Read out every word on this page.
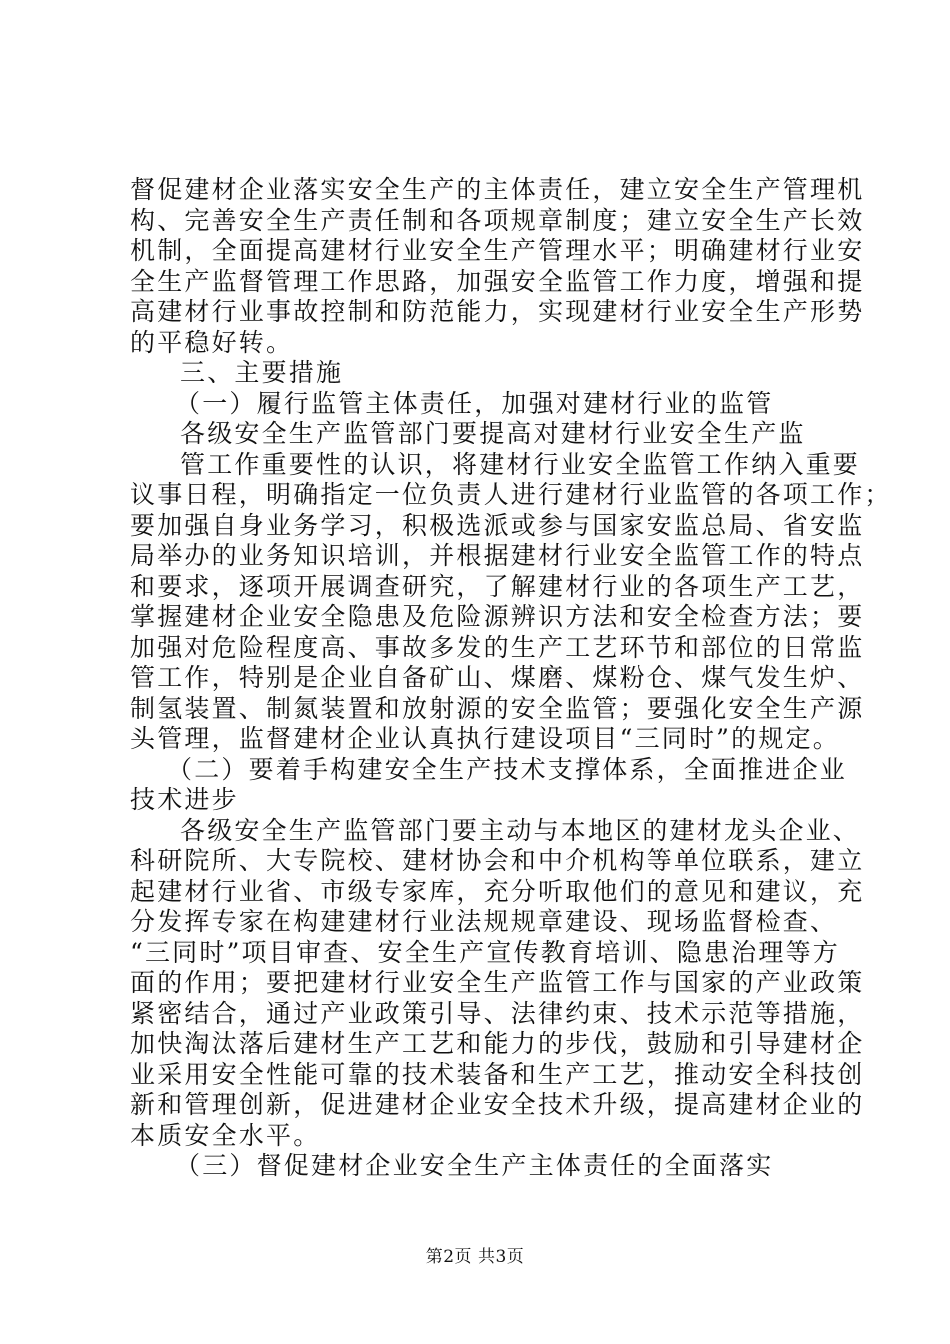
督促建材企业落实安全生产的主体责任，建立安全生产管理机
构、完善安全生产责任制和各项规章制度；建立安全生产长效
机制，全面提高建材行业安全生产管理水平；明确建材行业安
全生产监督管理工作思路，加强安全监管工作力度，增强和提
高建材行业事故控制和防范能力，实现建材行业安全生产形势
的平稳好转。
三、主要措施
（一）履行监管主体责任，加强对建材行业的监管
各级安全生产监管部门要提高对建材行业安全生产监
管工作重要性的认识，将建材行业安全监管工作纳入重要
议事日程，明确指定一位负责人进行建材行业监管的各项工作；
要加强自身业务学习，积极选派或参与国家安监总局、省安监
局举办的业务知识培训，并根据建材行业安全监管工作的特点
和要求，逐项开展调查研究，了解建材行业的各项生产工艺，
掌握建材企业安全隐患及危险源辨识方法和安全检查方法；要
加强对危险程度高、事故多发的生产工艺环节和部位的日常监
管工作，特别是企业自备矿山、煤磨、煤粉仓、煤气发生炉、
制氢装置、制氮装置和放射源的安全监管；要强化安全生产源
头管理，监督建材企业认真执行建设项目“三同时”的规定。
（二）要着手构建安全生产技术支撑体系，全面推进企业
技术进步
各级安全生产监管部门要主动与本地区的建材龙头企业、
科研院所、大专院校、建材协会和中介机构等单位联系，建立
起建材行业省、市级专家库，充分听取他们的意见和建议，充
分发挥专家在构建建材行业法规规章建设、现场监督检查、
“三同时”项目审查、安全生产宣传教育培训、隐患治理等方
面的作用；要把建材行业安全生产监管工作与国家的产业政策
紧密结合，通过产业政策引导、法律约束、技术示范等措施，
加快淘汰落后建材生产工艺和能力的步伐，鼓励和引导建材企
业采用安全性能可靠的技术装备和生产工艺，推动安全科技创
新和管理创新，促进建材企业安全技术升级，提高建材企业的
本质安全水平。
（三）督促建材企业安全生产主体责任的全面落实
第2页 共3页
